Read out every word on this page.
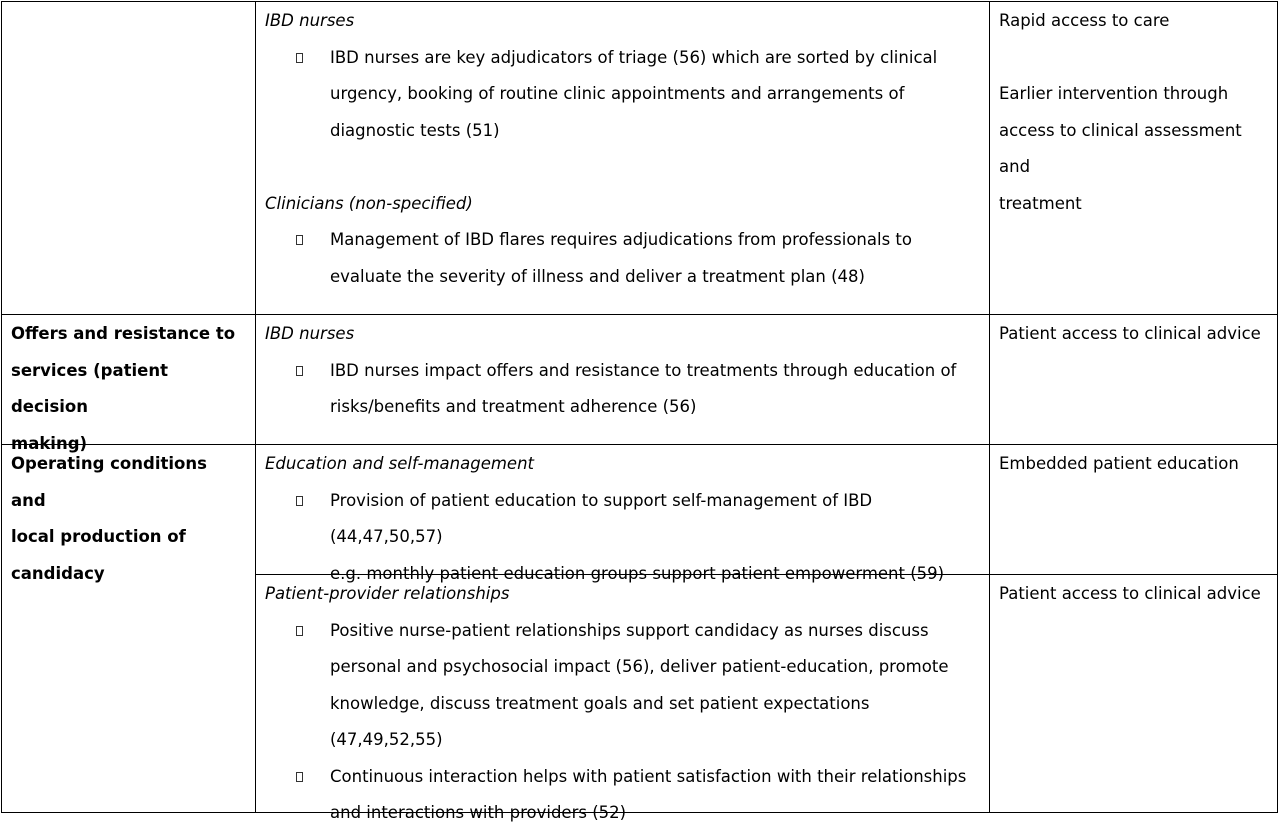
IBD nurses
IBD nurses are key adjudicators of triage (56) which are sorted by clinical
urgency, booking of routine clinic appointments and arrangements of
diagnostic tests (51)
Clinicians (non-specified)
Management of IBD flares requires adjudications from professionals to
evaluate the severity of illness and deliver a treatment plan (48)
Rapid access to care
Earlier intervention through
access to clinical assessment and
treatment
Offers and resistance to
services (patient decision
making)
IBD nurses
IBD nurses impact offers and resistance to treatments through education of
risks/benefits and treatment adherence (56)
Patient access to clinical advice
Operating conditions and
local production of
candidacy
Education and self-management
Provision of patient education to support self-management of IBD (44,47,50,57)
e.g. monthly patient education groups support patient empowerment (59)
Embedded patient education
Patient-provider relationships
Positive nurse-patient relationships support candidacy as nurses discuss
personal and psychosocial impact (56), deliver patient-education, promote
knowledge, discuss treatment goals and set patient expectations (47,49,52,55)
Continuous interaction helps with patient satisfaction with their relationships
and interactions with providers (52)
Patient access to clinical advice
